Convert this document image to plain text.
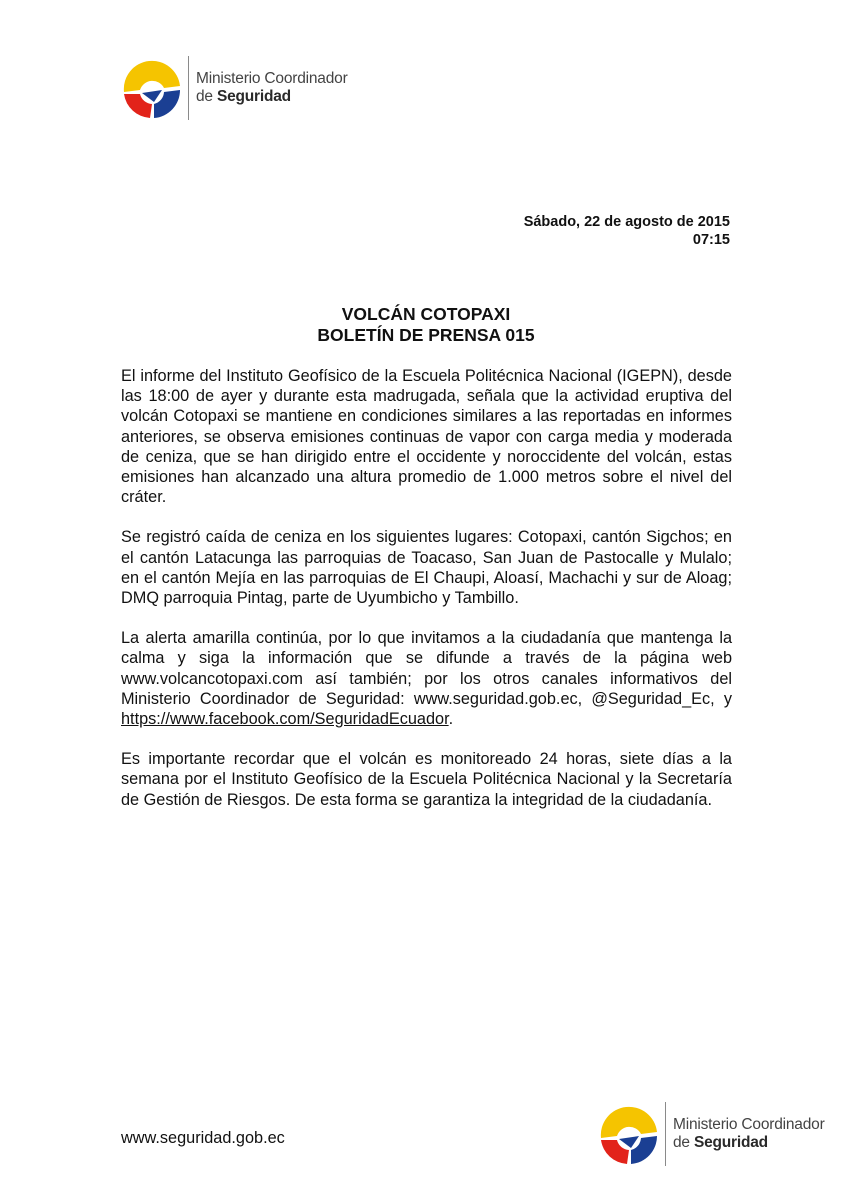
Ministerio Coordinador
de Seguridad
Sábado, 22 de agosto de 2015
07:15
VOLCÁN COTOPAXI
BOLETÍN DE PRENSA 015

El informe del Instituto Geofísico de la Escuela Politécnica Nacional (IGEPN), desde las 18:00 de ayer y durante esta madrugada, señala que la actividad eruptiva del volcán Cotopaxi se mantiene en condiciones similares a las reportadas en informes anteriores, se observa emisiones continuas de vapor con carga media y moderada de ceniza, que se han dirigido entre el occidente y noroccidente del volcán, estas emisiones han alcanzado una altura promedio de 1.000 metros sobre el nivel del cráter.

Se registró caída de ceniza en los siguientes lugares: Cotopaxi, cantón Sigchos; en el cantón Latacunga las parroquias de Toacaso, San Juan de Pastocalle y Mulalo; en el cantón Mejía en las parroquias de El Chaupi, Aloasí, Machachi y sur de Aloag; DMQ parroquia Pintag, parte de Uyumbicho y Tambillo.

La alerta amarilla continúa, por lo que invitamos a la ciudadanía que mantenga la calma y siga la información que se difunde a través de la página web www.volcancotopaxi.com así también; por los otros canales informativos del Ministerio Coordinador de Seguridad: www.seguridad.gob.ec, @Seguridad_Ec, y https://www.facebook.com/SeguridadEcuador.

Es importante recordar que el volcán es monitoreado 24 horas, siete días a la semana por el Instituto Geofísico de la Escuela Politécnica Nacional y la Secretaría de Gestión de Riesgos. De esta forma se garantiza la integridad de la ciudadanía.

www.seguridad.gob.ec
Ministerio Coordinador
de Seguridad
